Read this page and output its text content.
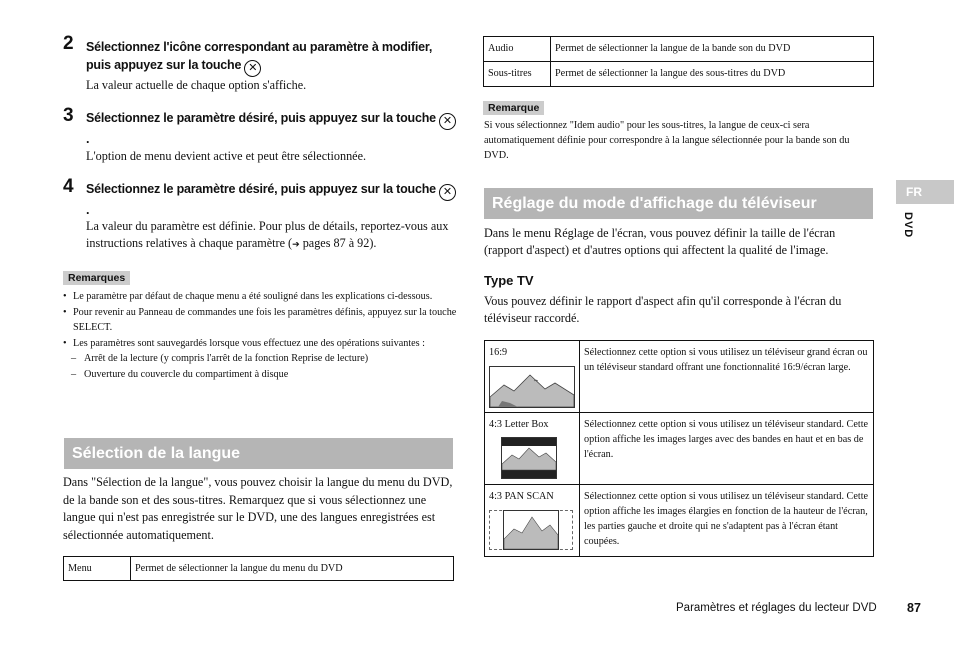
2 Sélectionnez l'icône correspondant au paramètre à modifier, puis appuyez sur la touche ✕
La valeur actuelle de chaque option s'affiche.
3 Sélectionnez le paramètre désiré, puis appuyez sur la touche ✕.
L'option de menu devient active et peut être sélectionnée.
4 Sélectionnez le paramètre désiré, puis appuyez sur la touche ✕.
La valeur du paramètre est définie. Pour plus de détails, reportez-vous aux instructions relatives à chaque paramètre (➔ pages 87 à 92).
Remarques
• Le paramètre par défaut de chaque menu a été souligné dans les explications ci-dessous.
• Pour revenir au Panneau de commandes une fois les paramètres définis, appuyez sur la touche SELECT.
• Les paramètres sont sauvegardés lorsque vous effectuez une des opérations suivantes :
– Arrêt de la lecture (y compris l'arrêt de la fonction Reprise de lecture)
– Ouverture du couvercle du compartiment à disque
Sélection de la langue
Dans "Sélection de la langue", vous pouvez choisir la langue du menu du DVD, de la bande son et des sous-titres. Remarquez que si vous sélectionnez une langue qui n'est pas enregistrée sur le DVD, une des langues enregistrées est sélectionnée automatiquement.
Menu	Permet de sélectionner la langue du menu du DVD
Audio	Permet de sélectionner la langue de la bande son du DVD
Sous-titres	Permet de sélectionner la langue des sous-titres du DVD
Remarque
Si vous sélectionnez "Idem audio" pour les sous-titres, la langue de ceux-ci sera automatiquement définie pour correspondre à la langue sélectionnée pour la bande son du DVD.
Réglage du mode d'affichage du téléviseur
Dans le menu Réglage de l'écran, vous pouvez définir la taille de l'écran (rapport d'aspect) et d'autres options qui affectent la qualité de l'image.
Type TV
Vous pouvez définir le rapport d'aspect afin qu'il corresponde à l'écran du téléviseur raccordé.
16:9	Sélectionnez cette option si vous utilisez un téléviseur grand écran ou un téléviseur standard offrant une fonctionnalité 16:9/écran large.

4:3 Letter Box	Sélectionnez cette option si vous utilisez un téléviseur standard. Cette option affiche les images larges avec des bandes en haut et en bas de l'écran.

4:3 PAN SCAN	Sélectionnez cette option si vous utilisez un téléviseur standard. Cette option affiche les images élargies en fonction de la hauteur de l'écran, les parties gauche et droite qui ne s'adaptent pas à l'écran étant coupées.
FR
DVD
Paramètres et réglages du lecteur DVD 87
